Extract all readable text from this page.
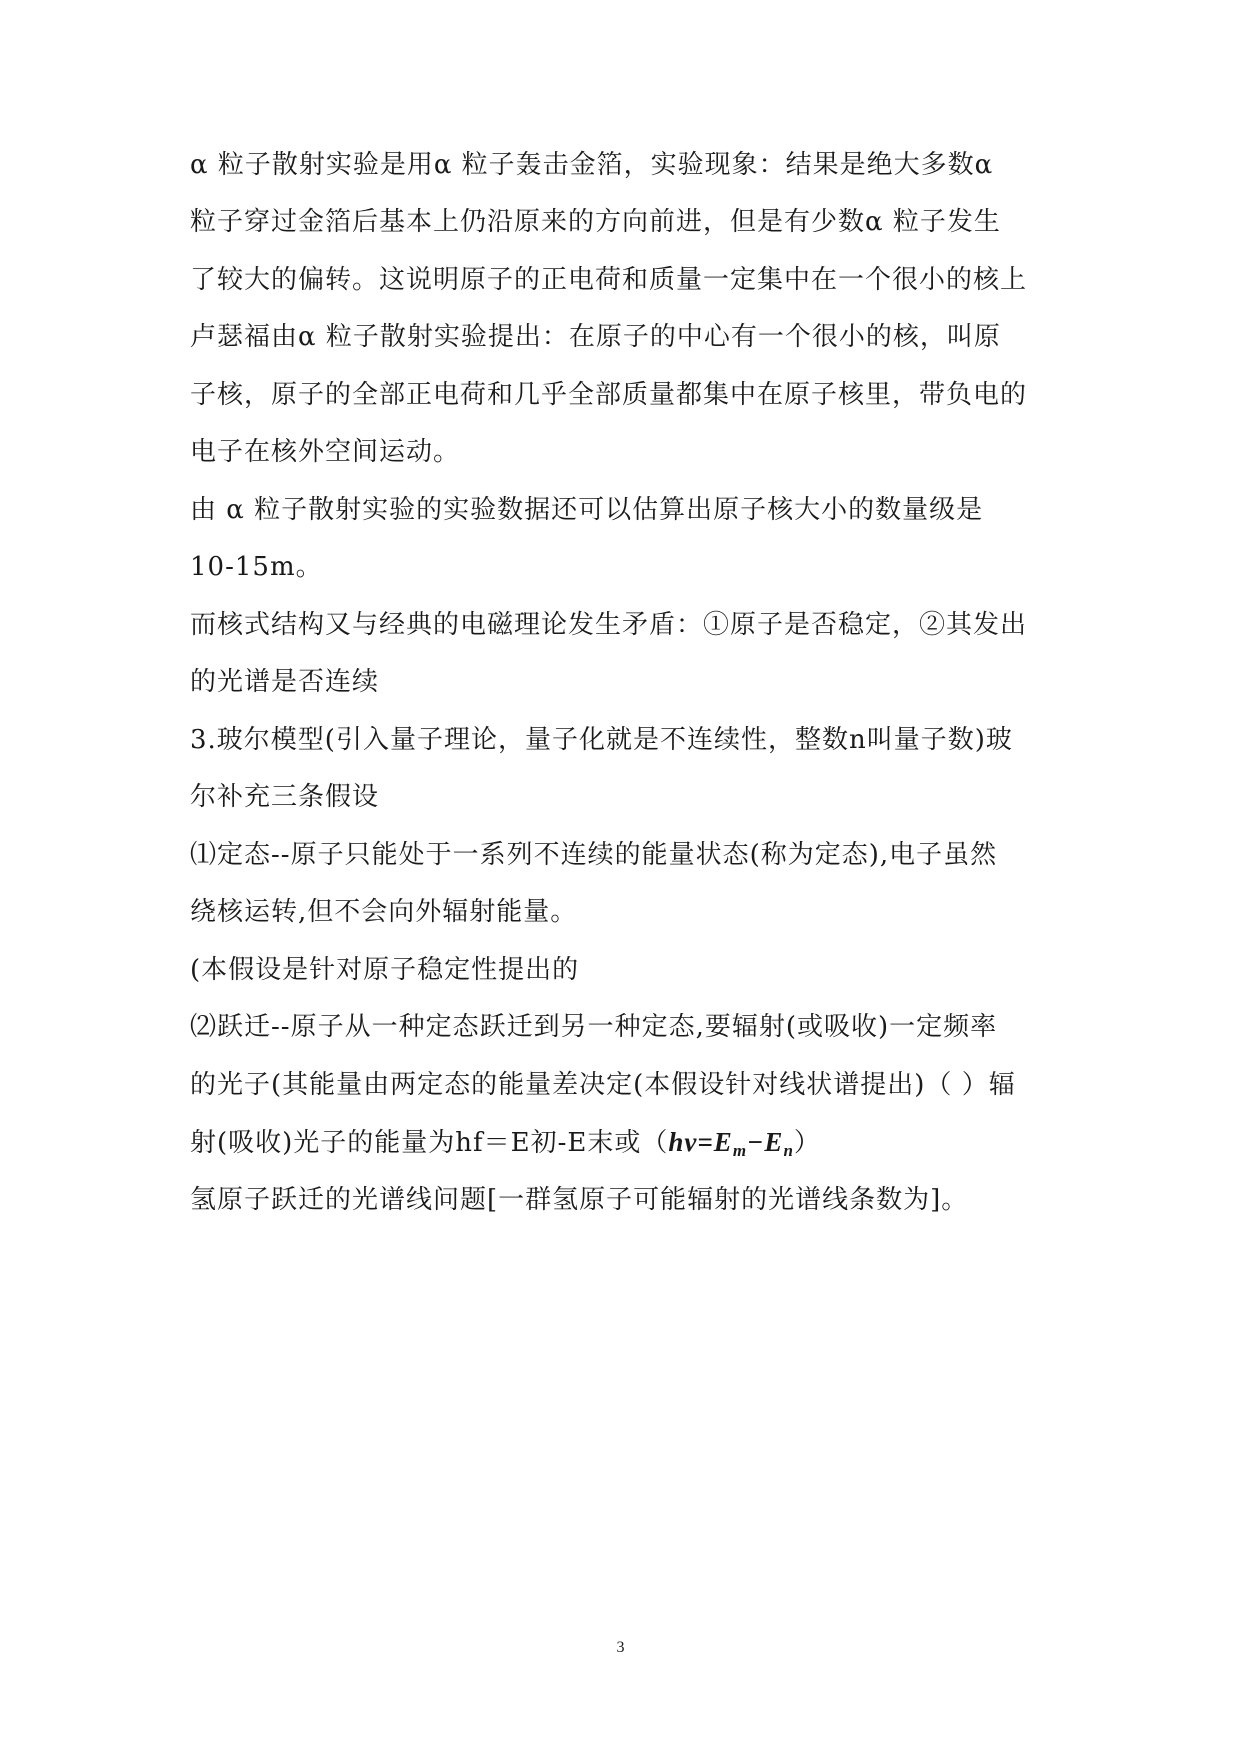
α 粒子散射实验是用α 粒子轰击金箔，实验现象：结果是绝大多数α
粒子穿过金箔后基本上仍沿原来的方向前进，但是有少数α 粒子发生
了较大的偏转。这说明原子的正电荷和质量一定集中在一个很小的核上
卢瑟福由α 粒子散射实验提出：在原子的中心有一个很小的核，叫原
子核，原子的全部正电荷和几乎全部质量都集中在原子核里，带负电的
电子在核外空间运动。
由 α 粒子散射实验的实验数据还可以估算出原子核大小的数量级是
10-15m。
而核式结构又与经典的电磁理论发生矛盾：①原子是否稳定，②其发出
的光谱是否连续
3.玻尔模型(引入量子理论，量子化就是不连续性，整数n叫量子数)玻
尔补充三条假设
⑴定态--原子只能处于一系列不连续的能量状态(称为定态),电子虽然
绕核运转,但不会向外辐射能量。
(本假设是针对原子稳定性提出的
⑵跃迁--原子从一种定态跃迁到另一种定态,要辐射(或吸收)一定频率
的光子(其能量由两定态的能量差决定(本假设针对线状谱提出)（ ）辐
射(吸收)光子的能量为hf＝E初-E末或$(h\nu=E_m-E_n)$
氢原子跃迁的光谱线问题[一群氢原子可能辐射的光谱线条数为]。
3
